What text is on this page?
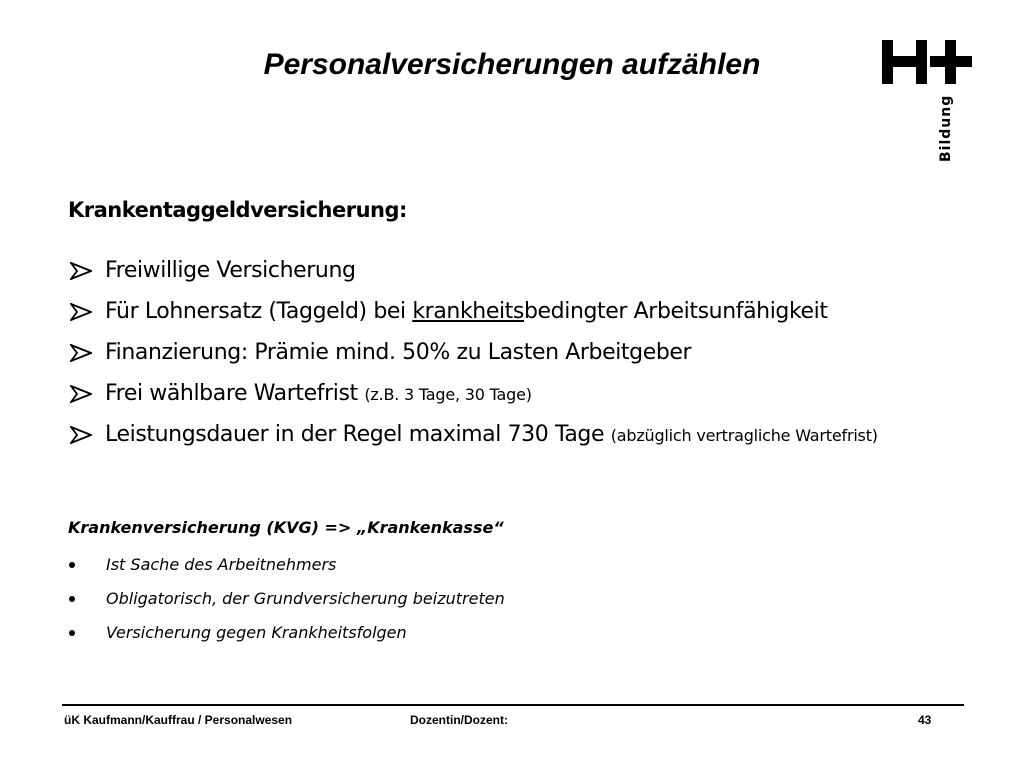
Personalversicherungen aufzählen
Bildung
Krankentaggeldversicherung:
Freiwillige Versicherung
Für Lohnersatz (Taggeld) bei krankheitsbedingter Arbeitsunfähigkeit
Finanzierung: Prämie mind. 50% zu Lasten Arbeitgeber
Frei wählbare Wartefrist (z.B. 3 Tage, 30 Tage)
Leistungsdauer in der Regel maximal 730 Tage (abzüglich vertragliche Wartefrist)
Krankenversicherung (KVG) => „Krankenkasse“
Ist Sache des Arbeitnehmers
Obligatorisch, der Grundversicherung beizutreten
Versicherung gegen Krankheitsfolgen
üK Kaufmann/Kauffrau / Personalwesen	Dozentin/Dozent:	43
